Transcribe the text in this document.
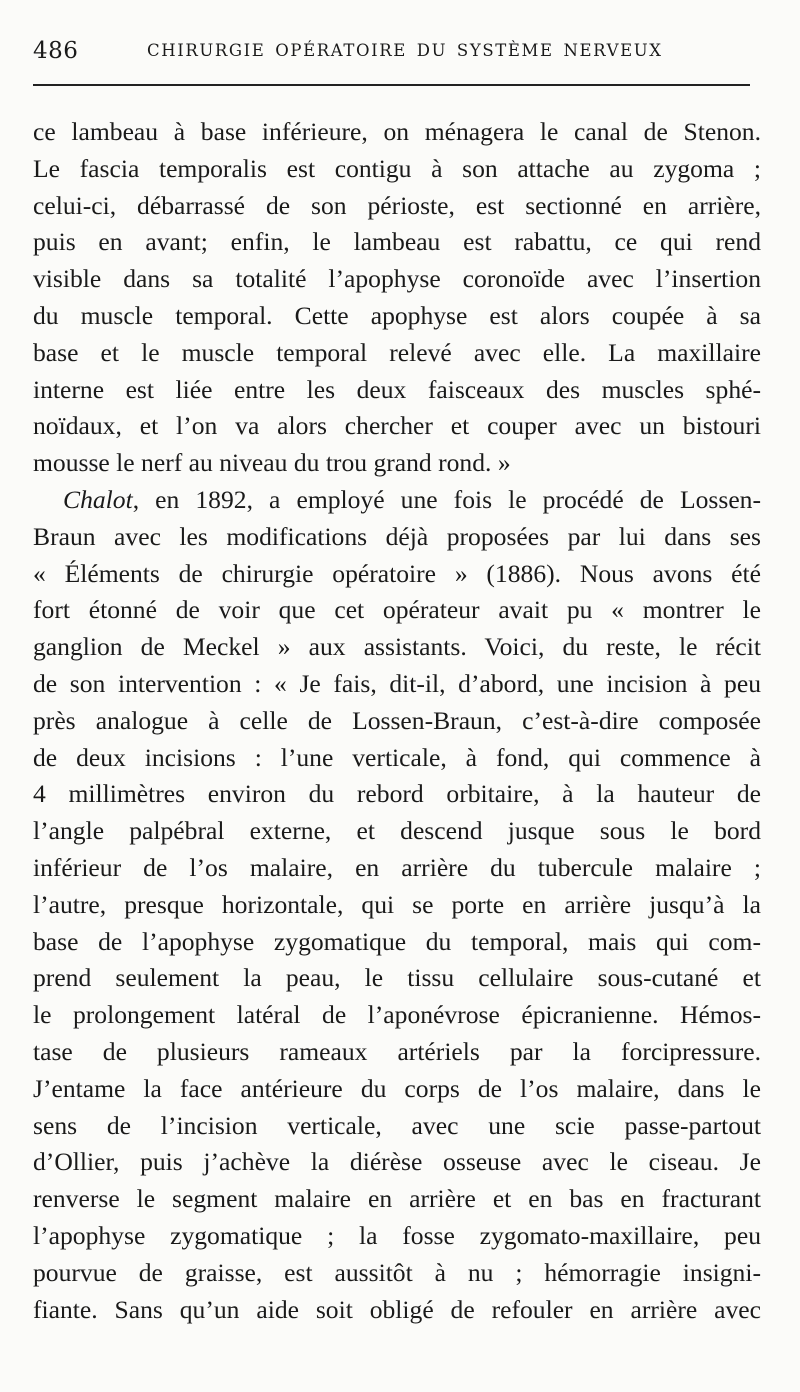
486	CHIRURGIE OPÉRATOIRE DU SYSTÈME NERVEUX
ce lambeau à base inférieure, on ménagera le canal de Stenon.
Le fascia temporalis est contigu à son attache au zygoma ;
celui-ci, débarrassé de son périoste, est sectionné en arrière,
puis en avant; enfin, le lambeau est rabattu, ce qui rend
visible dans sa totalité l’apophyse coronoïde avec l’insertion
du muscle temporal. Cette apophyse est alors coupée à sa
base et le muscle temporal relevé avec elle. La maxillaire
interne est liée entre les deux faisceaux des muscles sphé-
noïdaux, et l’on va alors chercher et couper avec un bistouri
mousse le nerf au niveau du trou grand rond. »
Chalot, en 1892, a employé une fois le procédé de Lossen-
Braun avec les modifications déjà proposées par lui dans ses
« Éléments de chirurgie opératoire » (1886). Nous avons été
fort étonné de voir que cet opérateur avait pu « montrer le
ganglion de Meckel » aux assistants. Voici, du reste, le récit
de son intervention : « Je fais, dit-il, d’abord, une incision à peu
près analogue à celle de Lossen-Braun, c’est-à-dire composée
de deux incisions : l’une verticale, à fond, qui commence à
4 millimètres environ du rebord orbitaire, à la hauteur de
l’angle palpébral externe, et descend jusque sous le bord
inférieur de l’os malaire, en arrière du tubercule malaire ;
l’autre, presque horizontale, qui se porte en arrière jusqu’à la
base de l’apophyse zygomatique du temporal, mais qui com-
prend seulement la peau, le tissu cellulaire sous-cutané et
le prolongement latéral de l’aponévrose épicranienne. Hémos-
tase de plusieurs rameaux artériels par la forcipressure.
J’entame la face antérieure du corps de l’os malaire, dans le
sens de l’incision verticale, avec une scie passe-partout
d’Ollier, puis j’achève la diérèse osseuse avec le ciseau. Je
renverse le segment malaire en arrière et en bas en fracturant
l’apophyse zygomatique ; la fosse zygomato-maxillaire, peu
pourvue de graisse, est aussitôt à nu ; hémorragie insigni-
fiante. Sans qu’un aide soit obligé de refouler en arrière avec
